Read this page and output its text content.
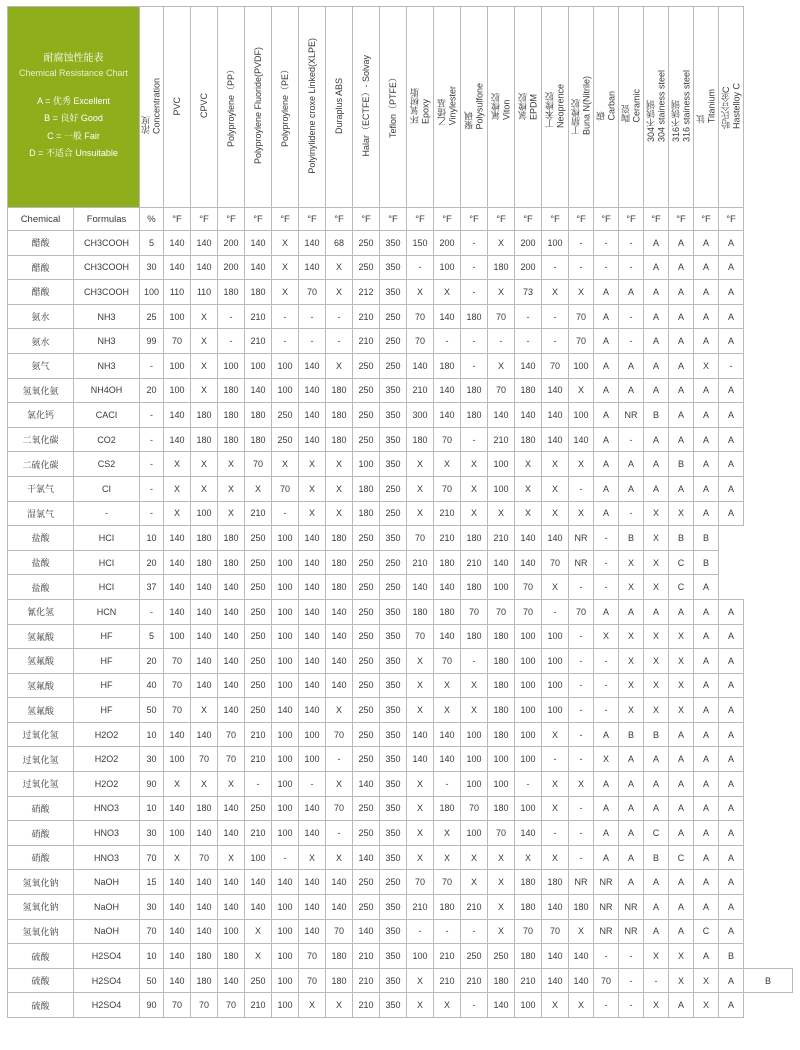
耐腐蚀性能表
Chemical Resistance Chart
A = 优秀 Excellent
B = 良好 Good
C = 一般 Fair
D = 不适合 Unsuitable

浓度 Concentration	PVC	CPVC	Polyproylene（PP）	Polyproylene Fluoride(PVDF)	Polyproylene（PE）	Polyinylidene croxe Linked(XLPE)	Duraplus ABS	Halar（ECTFE）- Solvay	Teflon（PTFE）	环氧树脂 Epoxy	乙烯基 Vinylester	聚砜 Polysulfone	氟橡胶 Viton	氯橡胶 EPDM	丁苯橡胶 Neoprence	丁腈橡胶 Buna N(Nitrile)	碳 Carban	陶瓷 Ceramic	304不锈钢 304 stainess steel	316不锈钢 316 stainess steel	钛 Titanium	哈氏合金C Hastelloy C

Chemical	Formulas	%	°F	°F	°F	°F	°F	°F	°F	°F	°F	°F	°F	°F	°F	°F	°F	°F	°F	°F	°F	°F	°F	°F	
醋酸	CH3COOH	5	140	140	200	140	X	140	68	250	350	150	200	-	X	200	100	-	-	-	A	A	A	A	
醋酸	CH3COOH	30	140	140	200	140	X	140	X	250	350	-	100	-	180	200	-	-	-	-	A	A	A	A	
醋酸	CH3COOH	100	110	110	180	180	X	70	X	212	350	X	X	-	X	73	X	X	A	A	A	A	A	A	
氨水	NH3	25	100	X	-	210	-	-	-	210	250	70	140	180	70	-	-	70	A	-	A	A	A	A	
氨水	NH3	99	70	X	-	210	-	-	-	210	250	70	-	-	-	-	-	70	A	-	A	A	A	A	
氨气	NH3	-	100	X	100	100	100	140	X	250	250	140	180	-	X	140	70	100	A	A	A	A	X	-	
氢氧化氨	NH4OH	20	100	X	180	140	100	140	180	250	350	210	140	180	70	180	140	X	A	A	A	A	A	A	
氯化钙	CACI	-	140	180	180	180	250	140	180	250	350	300	140	180	140	140	140	100	A	NR	B	A	A	A	
二氧化碳	CO2	-	140	180	180	180	250	140	180	250	350	180	70	-	210	180	140	140	A	-	A	A	A	A	
二硫化碳	CS2	-	X	X	X	70	X	X	X	100	350	X	X	X	100	X	X	X	A	A	A	B	A	A	
干氯气	CI	-	X	X	X	X	70	X	X	180	250	X	70	X	100	X	X	-	A	A	A	A	A	A	
湿氯气	-	-	X	100	X	210	-	X	X	180	250	X	210	X	X	X	X	X	A	-	X	X	A	A	
盐酸	HCI	10	140	180	180	250	100	140	180	250	350	70	210	180	210	140	140	NR	-	B	X	B	B		
盐酸	HCI	20	140	180	180	250	100	140	180	250	250	210	180	210	140	140	70	NR	-	X	X	C	B		
盐酸	HCI	37	140	140	140	250	100	140	180	250	250	140	140	180	100	70	X	-	-	X	X	C	A		
氰化氢	HCN	-	140	140	140	250	100	140	140	250	350	180	180	70	70	70	-	70	A	A	A	A	A	A	
氢氟酸	HF	5	100	140	140	250	100	140	140	250	350	70	140	180	180	100	100	-	X	X	X	X	A	A	
氢氟酸	HF	20	70	140	140	250	100	140	140	250	350	X	70	-	180	100	100	-	-	X	X	X	A	A	
氢氟酸	HF	40	70	140	140	250	100	140	140	250	350	X	X	X	180	100	100	-	-	X	X	X	A	A	
氢氟酸	HF	50	70	X	140	250	140	140	X	250	350	X	X	X	180	100	100	-	-	X	X	X	A	A	
过氧化氢	H2O2	10	140	140	70	210	100	100	70	250	350	140	140	100	180	100	X	-	A	B	B	A	A	A	
过氧化氢	H2O2	30	100	70	70	210	100	100	-	250	350	140	140	100	100	100	-	-	X	A	A	A	A	A	
过氧化氢	H2O2	90	X	X	X	-	100	-	X	140	350	X	-	100	100	-	X	X	A	A	A	A	A	A	
硝酸	HNO3	10	140	180	140	250	100	140	70	250	350	X	180	70	180	100	X	-	A	A	A	A	A	A	
硝酸	HNO3	30	100	140	140	210	100	140	-	250	350	X	X	100	70	140	-	-	A	A	C	A	A	A	
硝酸	HNO3	70	X	70	X	100	-	X	X	140	350	X	X	X	X	X	X	-	A	A	B	C	A	A	
氢氧化钠	NaOH	15	140	140	140	140	140	140	140	250	250	70	70	X	X	180	180	NR	NR	A	A	A	A	A	
氢氧化钠	NaOH	30	140	140	140	140	100	140	140	250	350	210	180	210	X	180	140	180	NR	NR	A	A	A	A	
氢氧化钠	NaOH	70	140	140	100	X	100	140	70	140	350	-	-	-	X	70	70	X	NR	NR	A	A	C	A	
硫酸	H2SO4	10	140	180	180	X	100	70	180	210	350	100	210	250	250	180	140	140	-	-	X	X	A	B	
硫酸	H2SO4	50	140	180	140	250	100	70	180	210	350	X	210	210	180	210	140	140	70	-	-	X	X	A	B
硫酸	H2SO4	90	70	70	70	210	100	X	X	210	350	X	X	-	140	100	X	X	-	-	X	A	X	A	
